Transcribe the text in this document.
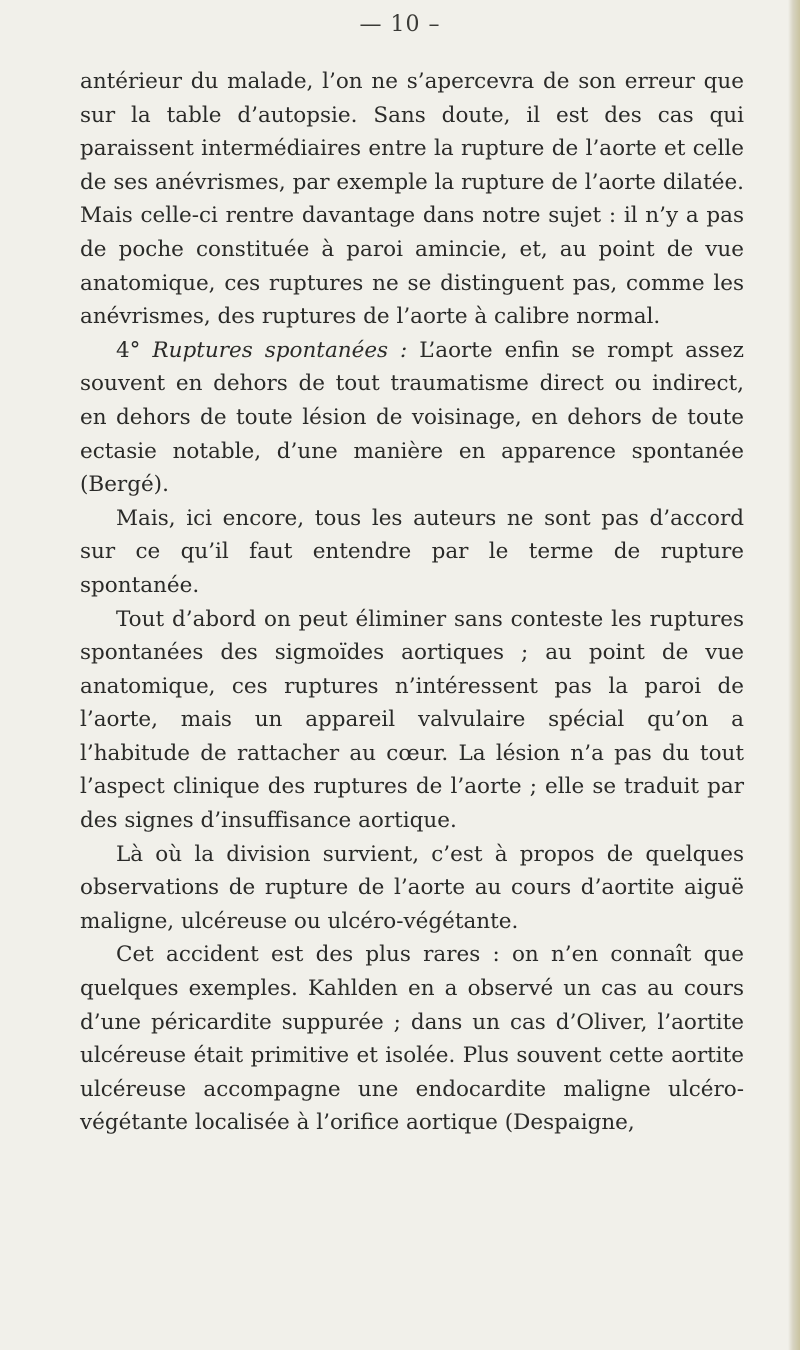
— 10 –

antérieur du malade, l’on ne s’apercevra de son erreur que sur la table d’autopsie. Sans doute, il est des cas qui paraissent intermédiaires entre la rupture de l’aorte et celle de ses anévrismes, par exemple la rupture de l’aorte dilatée. Mais celle-ci rentre davantage dans notre sujet : il n’y a pas de poche constituée à paroi amincie, et, au point de vue anatomique, ces ruptures ne se distinguent pas, comme les anévrismes, des ruptures de l’aorte à calibre normal.

4° Ruptures spontanées : L’aorte enfin se rompt assez souvent en dehors de tout traumatisme direct ou indirect, en dehors de toute lésion de voisinage, en dehors de toute ectasie notable, d’une manière en apparence spontanée (Bergé).

Mais, ici encore, tous les auteurs ne sont pas d’accord sur ce qu’il faut entendre par le terme de rupture spontanée.

Tout d’abord on peut éliminer sans conteste les ruptures spontanées des sigmoïdes aortiques ; au point de vue anatomique, ces ruptures n’intéressent pas la paroi de l’aorte, mais un appareil valvulaire spécial qu’on a l’habitude de rattacher au cœur. La lésion n’a pas du tout l’aspect clinique des ruptures de l’aorte ; elle se traduit par des signes d’insuffisance aortique.

Là où la division survient, c’est à propos de quelques observations de rupture de l’aorte au cours d’aortite aiguë maligne, ulcéreuse ou ulcéro-végétante.

Cet accident est des plus rares : on n’en connaît que quelques exemples. Kahlden en a observé un cas au cours d’une péricardite suppurée ; dans un cas d’Oliver, l’aortite ulcéreuse était primitive et isolée. Plus souvent cette aortite ulcéreuse accompagne une endocardite maligne ulcéro-végétante localisée à l’orifice aortique (Despaigne,
